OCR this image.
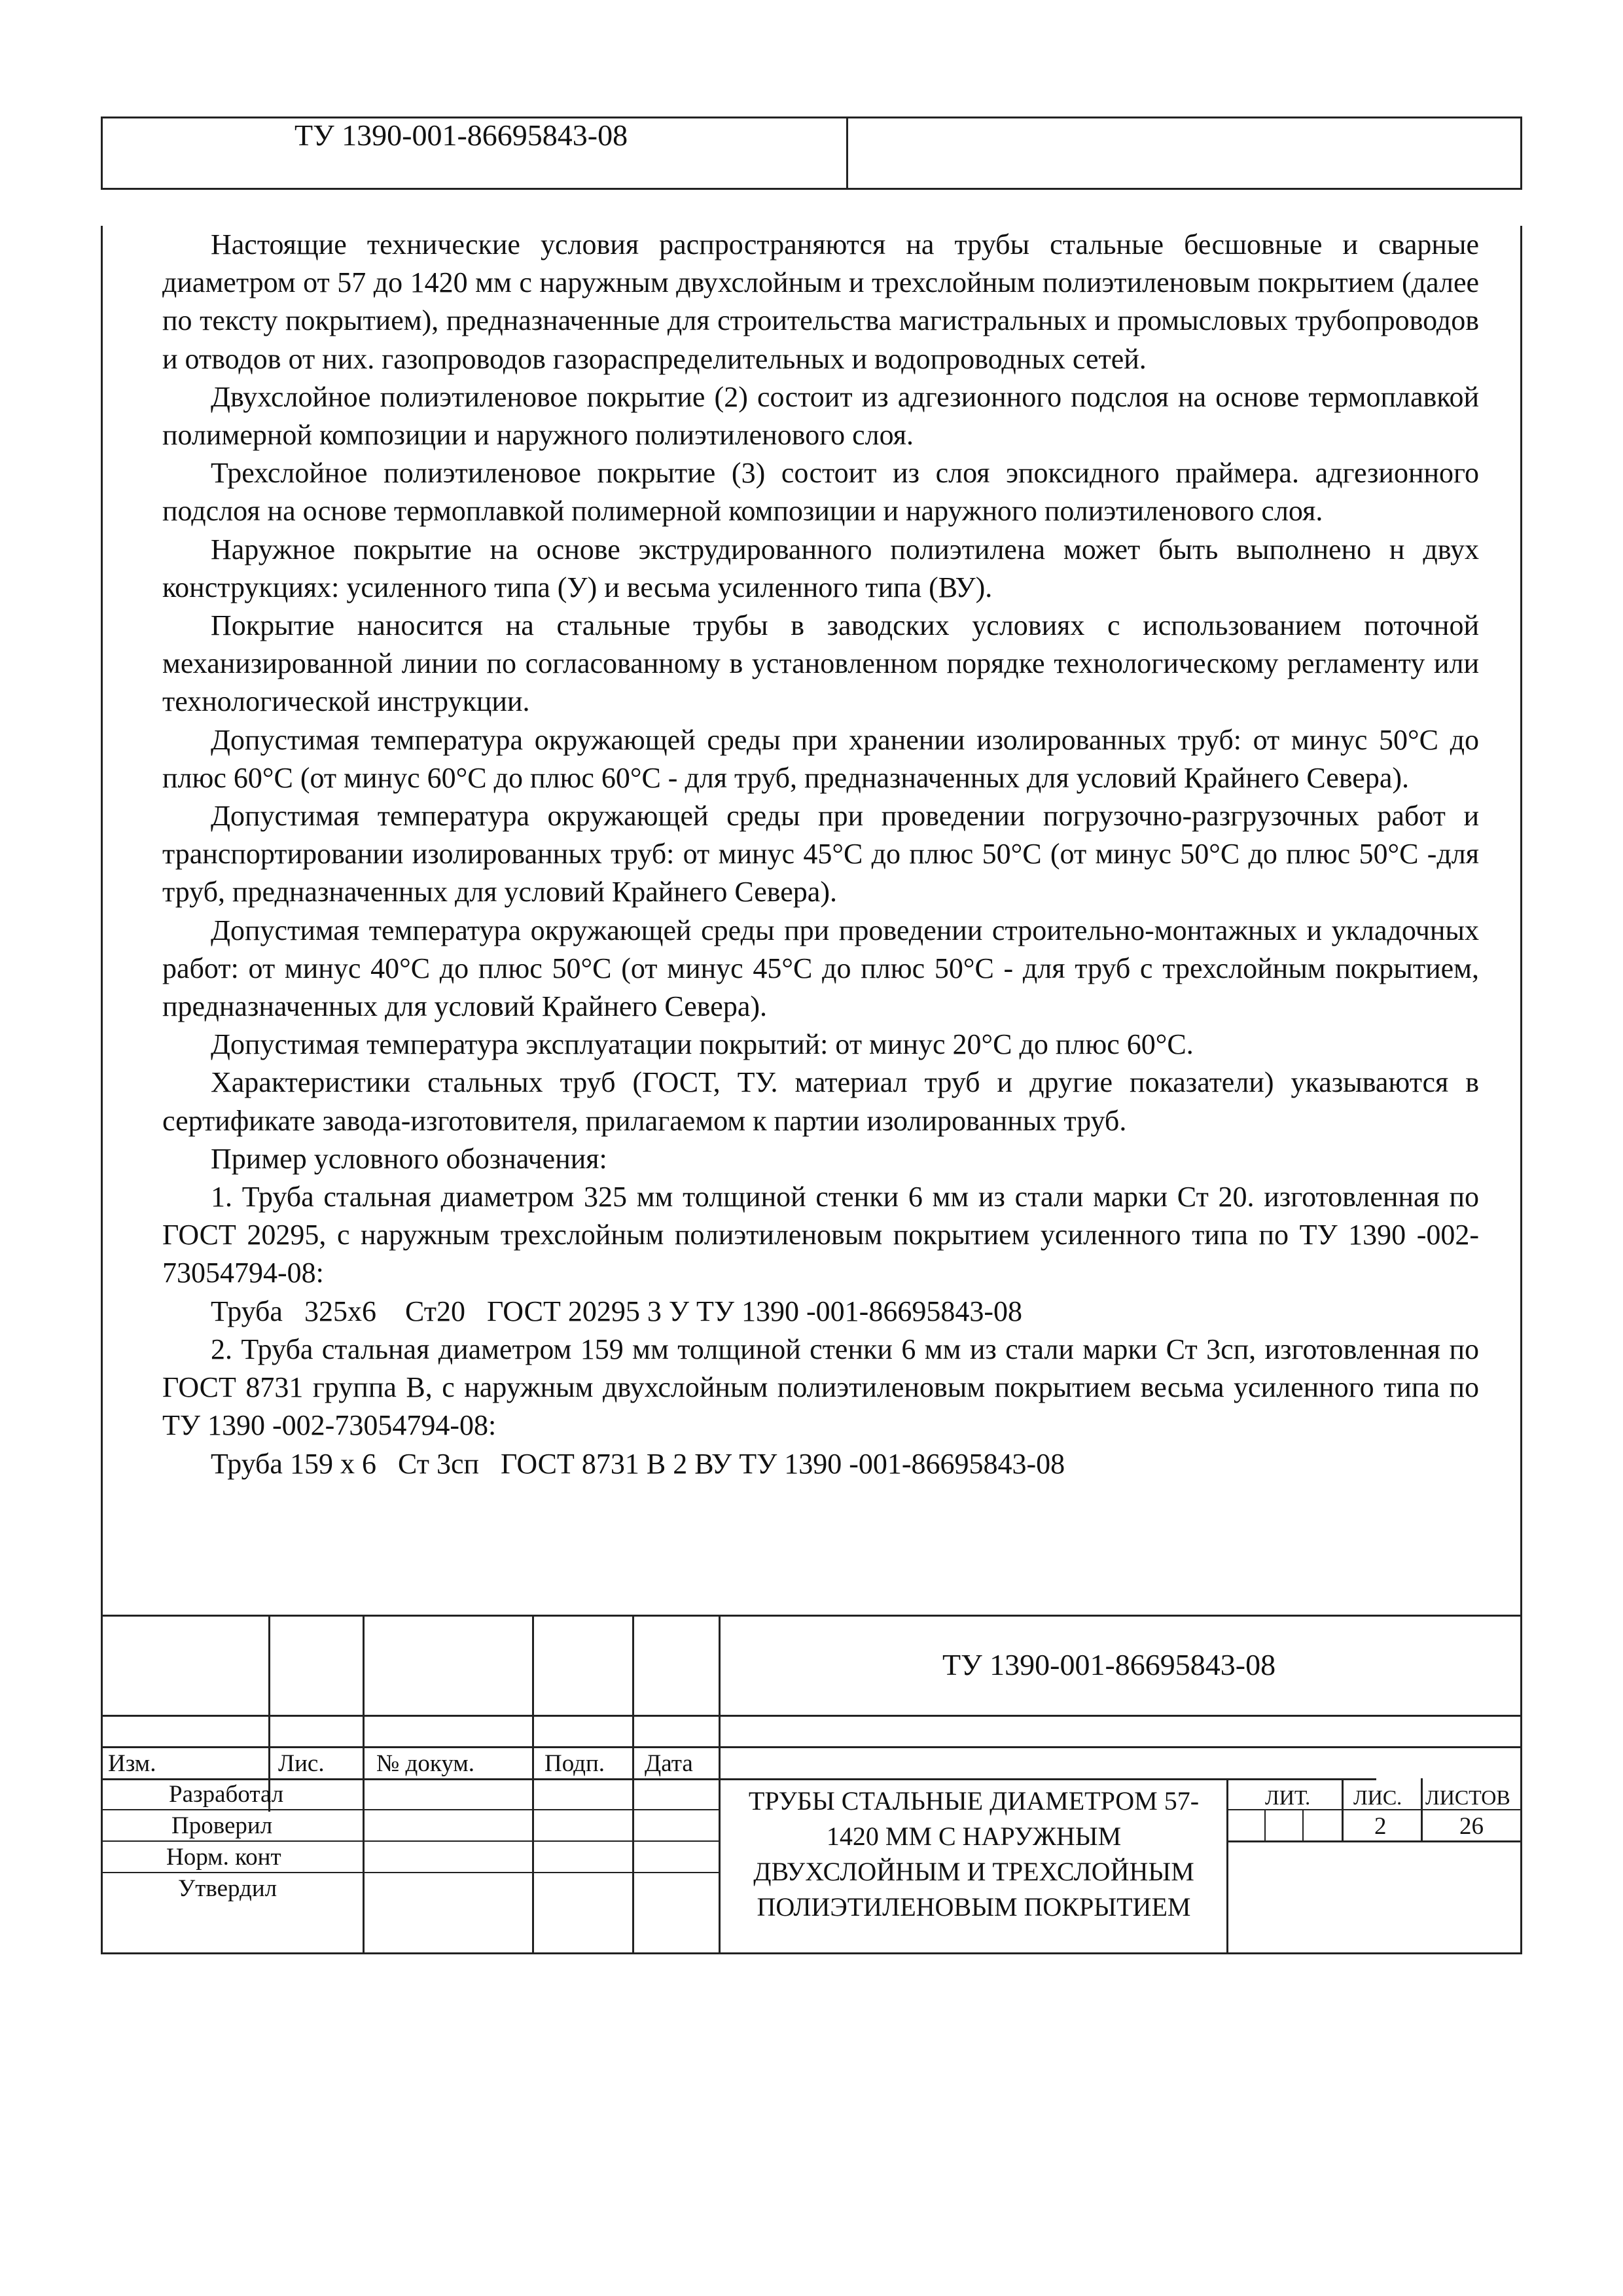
ТУ 1390-001-86695843-08

Настоящие технические условия распространяются на трубы стальные бесшовные и сварные диаметром от 57 до 1420 мм с наружным двухслойным и трехслойным полиэтиленовым покрытием (далее по тексту покрытием), предназначенные для строительства магистральных и промысловых трубопроводов и отводов от них. газопроводов газораспределительных и водопроводных сетей.

Двухслойное полиэтиленовое покрытие (2) состоит из адгезионного подслоя на основе термоплавкой полимерной композиции и наружного полиэтиленового слоя.

Трехслойное полиэтиленовое покрытие (3) состоит из слоя эпоксидного праймера. адгезионного подслоя на основе термоплавкой полимерной композиции и наружного полиэтиленового слоя.

Наружное покрытие на основе экструдированного полиэтилена может быть выполнено н двух конструкциях: усиленного типа (У) и весьма усиленного типа (ВУ).

Покрытие наносится на стальные трубы в заводских условиях с использованием поточной механизированной линии по согласованному в установленном порядке технологическому регламенту или технологической инструкции.

Допустимая температура окружающей среды при хранении изолированных труб: от минус 50°С до плюс 60°С (от минус 60°С до плюс 60°С - для труб, предназначенных для условий Крайнего Севера).

Допустимая температура окружающей среды при проведении погрузочно-разгрузочных работ и транспортировании изолированных труб: от минус 45°С до плюс 50°С (от минус 50°С до плюс 50°С -для труб, предназначенных для условий Крайнего Севера).

Допустимая температура окружающей среды при проведении строительно-монтажных и укладочных работ: от минус 40°С до плюс 50°С (от минус 45°С до плюс 50°С - для труб с трехслойным покрытием, предназначенных для условий Крайнего Севера).

Допустимая температура эксплуатации покрытий: от минус 20°С до плюс 60°С.

Характеристики стальных труб (ГОСТ, ТУ. материал труб и другие показатели) указываются в сертификате завода-изготовителя, прилагаемом к партии изолированных труб.

Пример условного обозначения:

1. Труба стальная диаметром 325 мм толщиной стенки 6 мм из стали марки Ст 20. изготовленная по ГОСТ 20295, с наружным трехслойным полиэтиленовым покрытием усиленного типа по ТУ 1390 -002-73054794-08:

Труба   325х6    Ст20   ГОСТ 20295 3 У ТУ 1390 -001-86695843-08

2. Труба стальная диаметром 159 мм толщиной стенки 6 мм из стали марки Ст 3сп, изготовленная по ГОСТ 8731 группа В, с наружным двухслойным полиэтиленовым покрытием весьма усиленного типа по ТУ 1390 -002-73054794-08:

Труба 159 х 6   Ст 3сп   ГОСТ 8731 В 2 ВУ ТУ 1390 -001-86695843-08

ТУ 1390-001-86695843-08
Изм.	Лис. № докум.	Подп. Дата
Разработал
Проверил
Норм. конт
Утвердил
ТРУБЫ СТАЛЬНЫЕ ДИАМЕТРОМ 57-
1420 ММ С НАРУЖНЫМ
ДВУХСЛОЙНЫМ И ТРЕХСЛОЙНЫМ
ПОЛИЭТИЛЕНОВЫМ ПОКРЫТИЕМ
ЛИТ. ЛИС. ЛИСТОВ
2	26
